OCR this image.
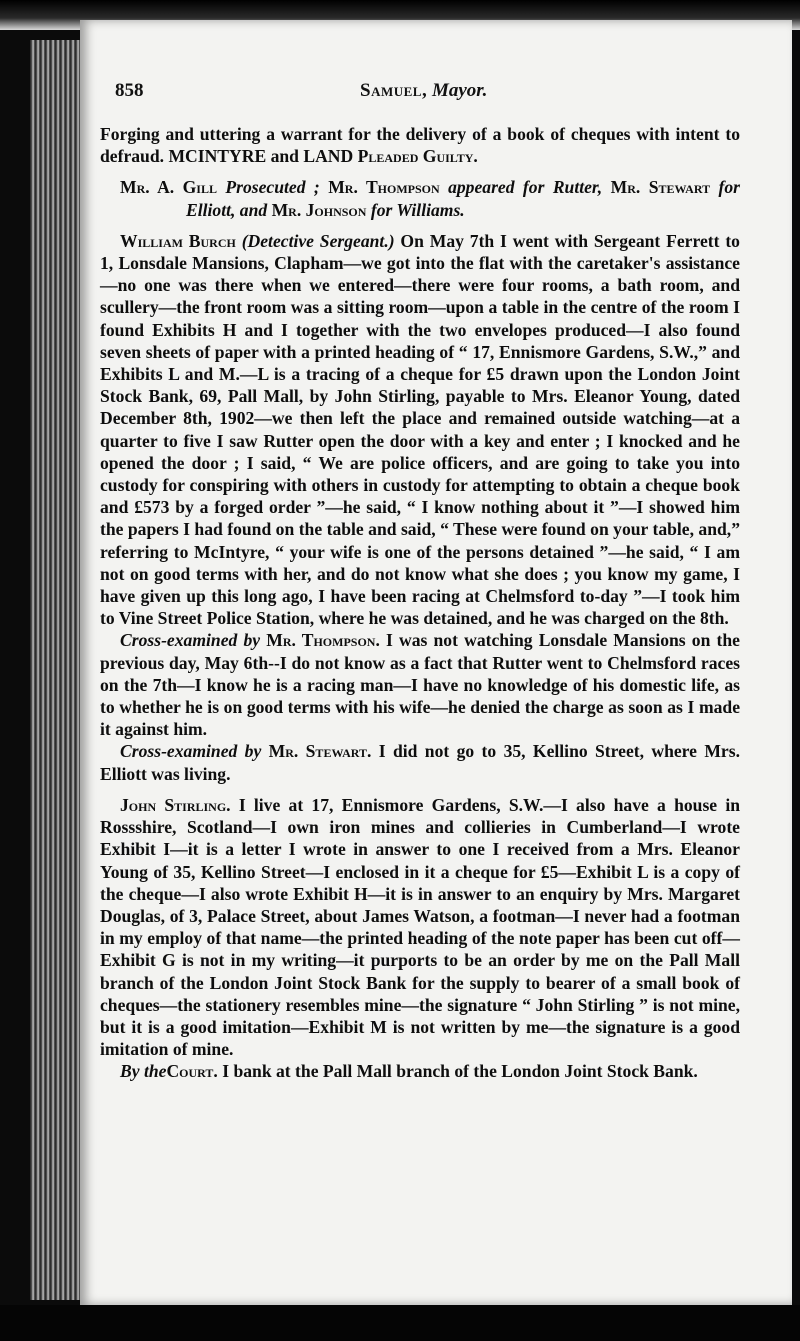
858	Samuel, Mayor.

Forging and uttering a warrant for the delivery of a book of cheques with intent to defraud. MCINTYRE and LAND Pleaded Guilty.

Mr. A. Gill Prosecuted ; Mr. Thompson appeared for Rutter, Mr. Stewart for Elliott, and Mr. Johnson for Williams.

William Burch (Detective Sergeant.) On May 7th I went with Sergeant Ferrett to 1, Lonsdale Mansions, Clapham—we got into the flat with the caretaker's assistance—no one was there when we entered—there were four rooms, a bath room, and scullery—the front room was a sitting room—upon a table in the centre of the room I found Exhibits H and I together with the two envelopes produced—I also found seven sheets of paper with a printed heading of “ 17, Ennismore Gardens, S.W.,” and Exhibits L and M.—L is a tracing of a cheque for £5 drawn upon the London Joint Stock Bank, 69, Pall Mall, by John Stirling, payable to Mrs. Eleanor Young, dated December 8th, 1902—we then left the place and remained outside watching—at a quarter to five I saw Rutter open the door with a key and enter ; I knocked and he opened the door ; I said, “ We are police officers, and are going to take you into custody for conspiring with others in custody for attempting to obtain a cheque book and £573 by a forged order ”—he said, “ I know nothing about it ”—I showed him the papers I had found on the table and said, “ These were found on your table, and,” referring to McIntyre, “ your wife is one of the persons detained ”—he said, “ I am not on good terms with her, and do not know what she does ; you know my game, I have given up this long ago, I have been racing at Chelmsford to-day ”—I took him to Vine Street Police Station, where he was detained, and he was charged on the 8th.

Cross-examined by Mr. Thompson. I was not watching Lonsdale Mansions on the previous day, May 6th--I do not know as a fact that Rutter went to Chelmsford races on the 7th—I know he is a racing man—I have no knowledge of his domestic life, as to whether he is on good terms with his wife—he denied the charge as soon as I made it against him.

Cross-examined by Mr. Stewart. I did not go to 35, Kellino Street, where Mrs. Elliott was living.

John Stirling. I live at 17, Ennismore Gardens, S.W.—I also have a house in Rossshire, Scotland—I own iron mines and collieries in Cumberland—I wrote Exhibit I—it is a letter I wrote in answer to one I received from a Mrs. Eleanor Young of 35, Kellino Street—I enclosed in it a cheque for £5—Exhibit L is a copy of the cheque—I also wrote Exhibit H—it is in answer to an enquiry by Mrs. Margaret Douglas, of 3, Palace Street, about James Watson, a footman—I never had a footman in my employ of that name—the printed heading of the note paper has been cut off—Exhibit G is not in my writing—it purports to be an order by me on the Pall Mall branch of the London Joint Stock Bank for the supply to bearer of a small book of cheques—the stationery resembles mine—the signature “ John Stirling ” is not mine, but it is a good imitation—Exhibit M is not written by me—the signature is a good imitation of mine.

By theCourt. I bank at the Pall Mall branch of the London Joint Stock Bank.
